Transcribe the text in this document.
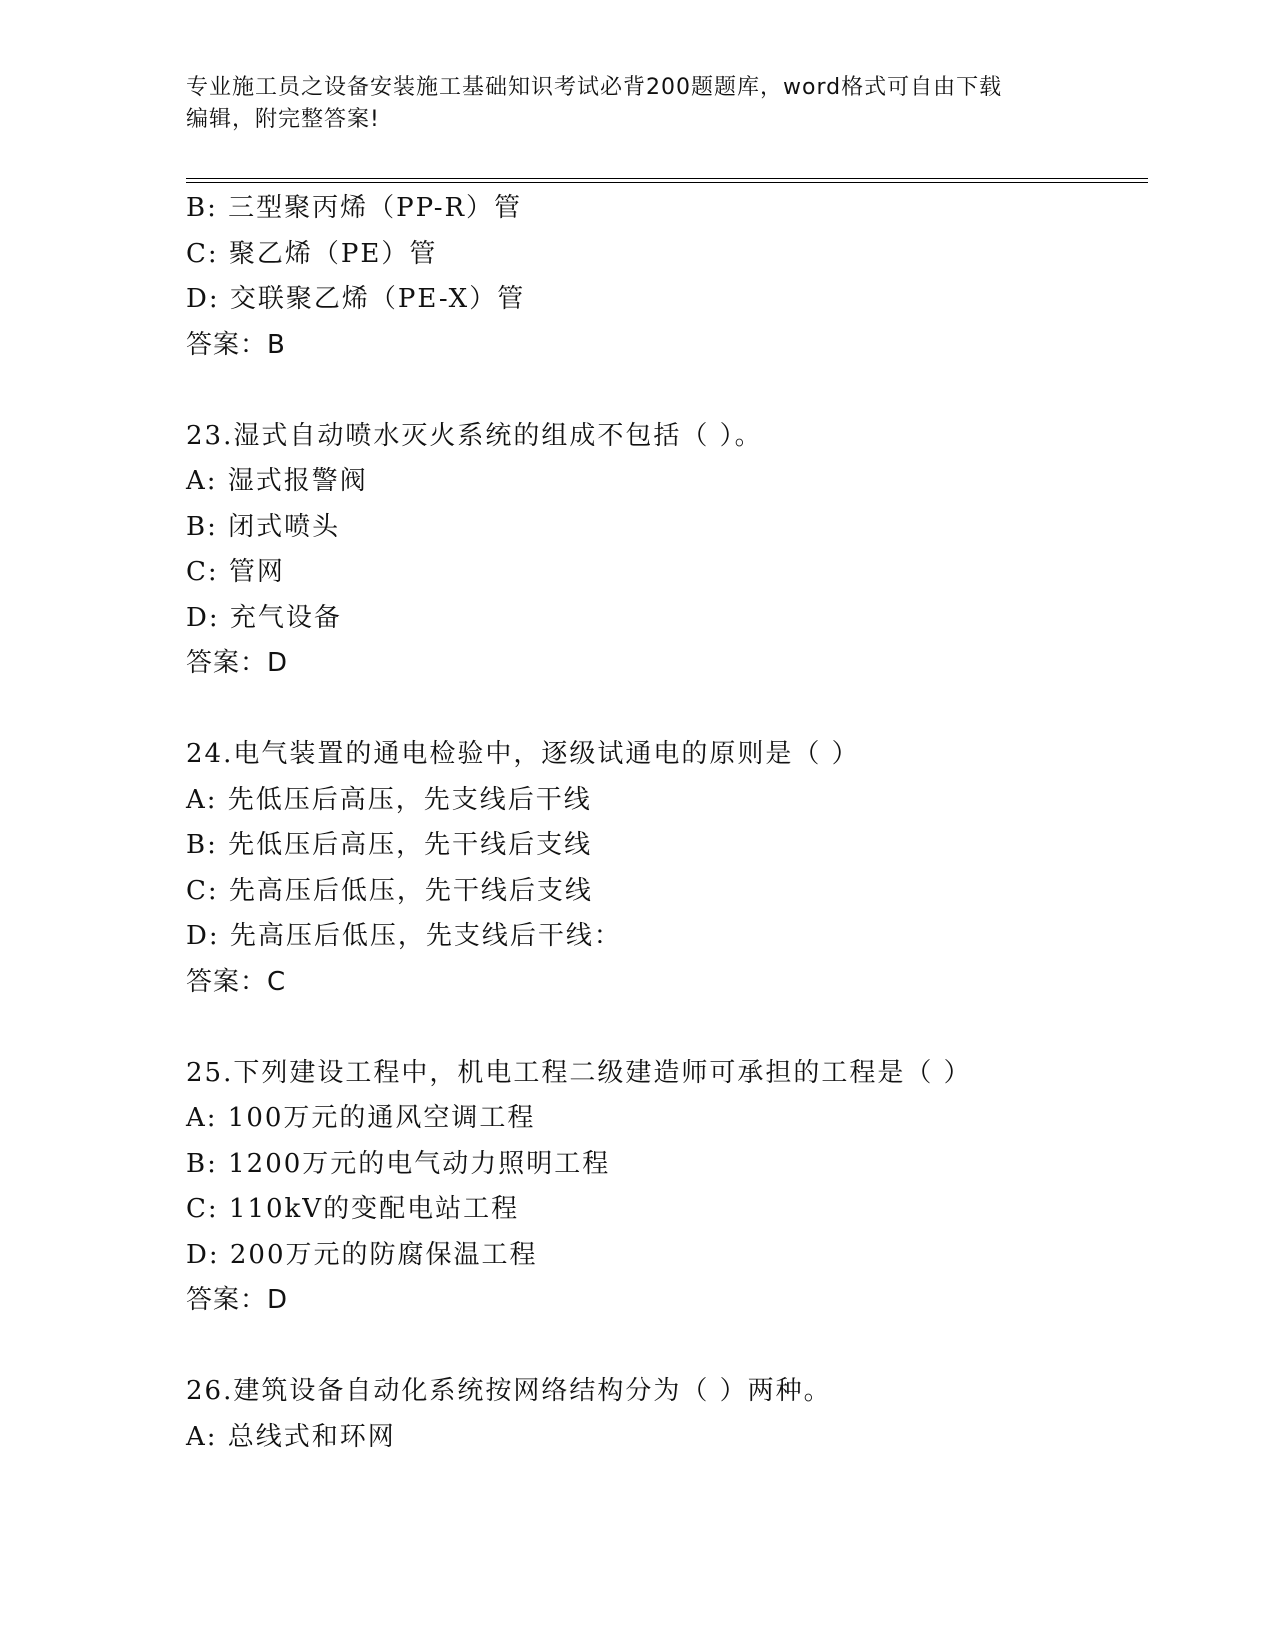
专业施工员之设备安装施工基础知识考试必背200题题库，word格式可自由下载
编辑，附完整答案!
B: 三型聚丙烯（PP-R）管
C: 聚乙烯（PE）管
D: 交联聚乙烯（PE-X）管
答案：B
23.湿式自动喷水灭火系统的组成不包括（ ）。
A: 湿式报警阀
B: 闭式喷头
C: 管网
D: 充气设备
答案：D
24.电气装置的通电检验中，逐级试通电的原则是（ ）
A: 先低压后高压，先支线后干线
B: 先低压后高压，先干线后支线
C: 先高压后低压，先干线后支线
D: 先高压后低压，先支线后干线：
答案：C
25.下列建设工程中，机电工程二级建造师可承担的工程是（ ）
A: 100万元的通风空调工程
B: 1200万元的电气动力照明工程
C: 110kV的变配电站工程
D: 200万元的防腐保温工程
答案：D
26.建筑设备自动化系统按网络结构分为（ ）两种。
A: 总线式和环网
